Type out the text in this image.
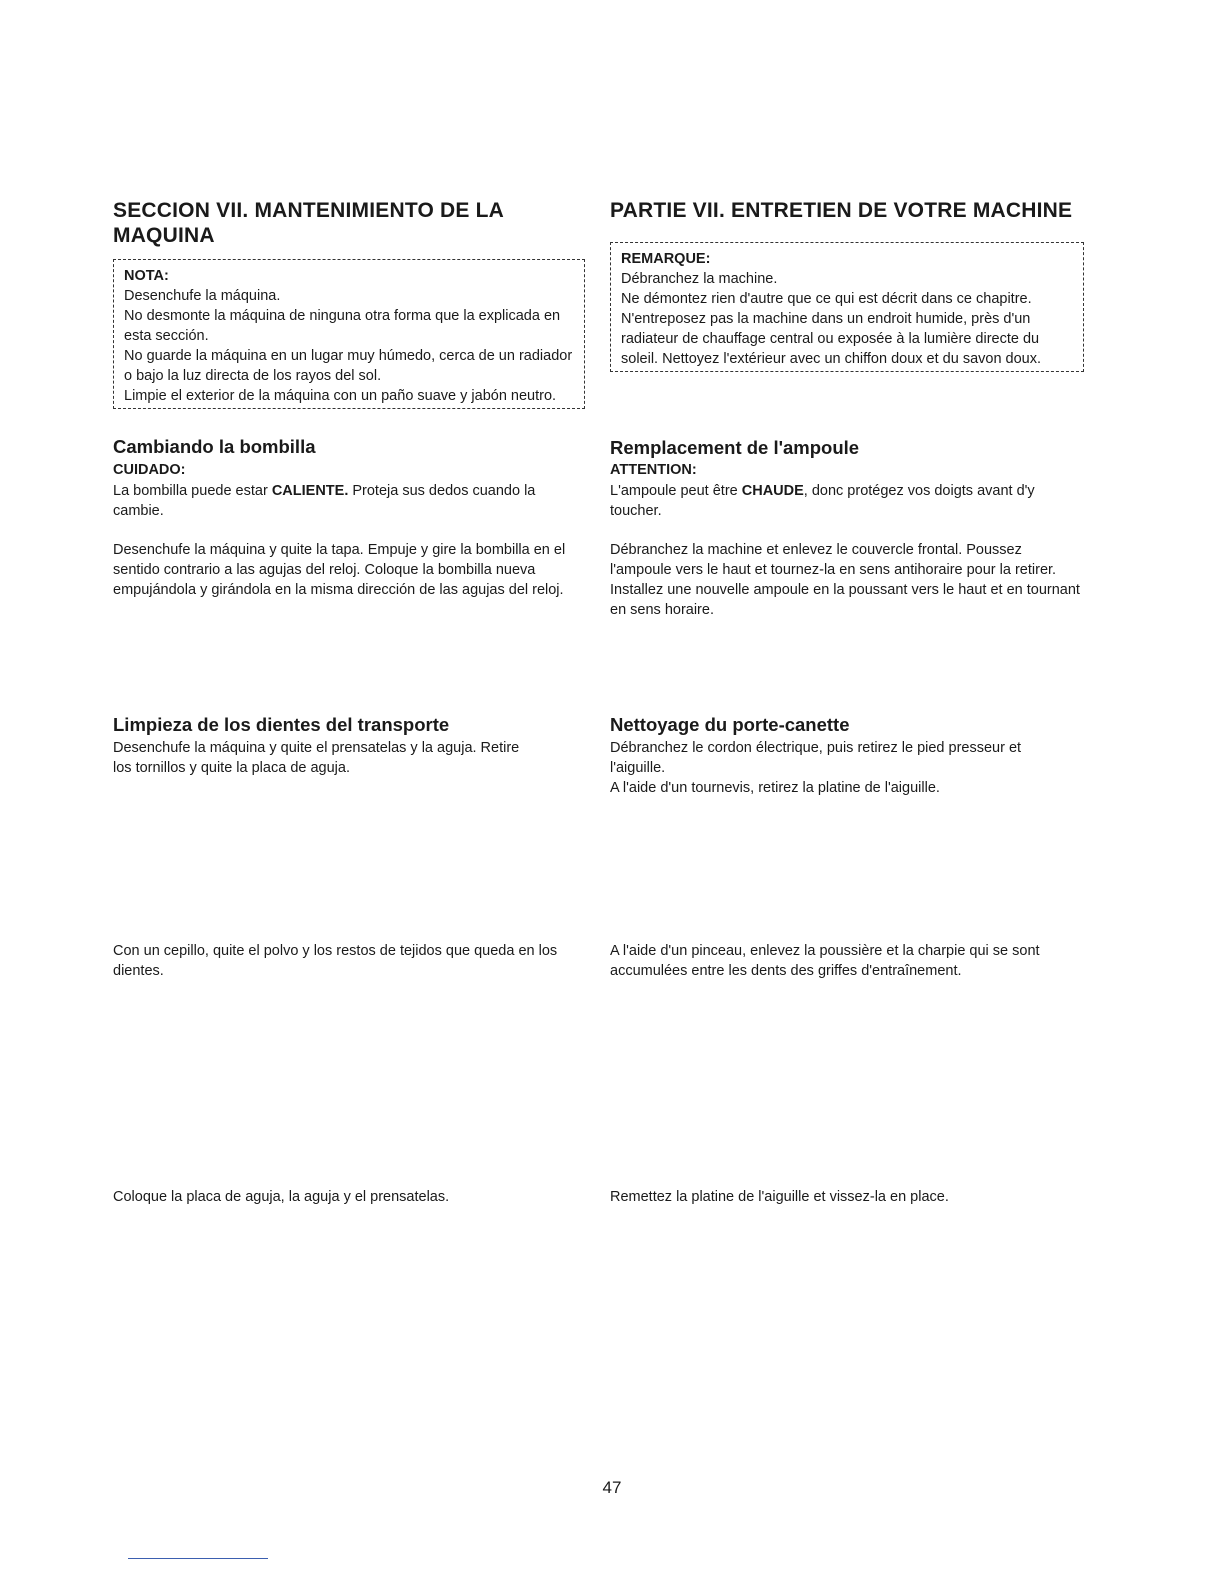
SECCION VII. MANTENIMIENTO DE LA MAQUINA

NOTA:

Desenchufe la máquina.

No desmonte la máquina de ninguna otra forma que la explicada en esta sección.

No guarde la máquina en un lugar muy húmedo, cerca de un radiador o bajo la luz directa de los rayos del sol.

Limpie el exterior de la máquina con un paño suave y jabón neutro.

Cambiando la bombilla

CUIDADO:

La bombilla puede estar CALIENTE. Proteja sus dedos cuando la cambie.

Desenchufe la máquina y quite la tapa. Empuje y gire la bombilla en el sentido contrario a las agujas del reloj. Coloque la bombilla nueva empujándola y girándola en la misma dirección de las agujas del reloj.

Limpieza de los dientes del transporte

Desenchufe la máquina y quite el prensatelas y la aguja. Retire los tornillos y quite la placa de aguja.

Con un cepillo, quite el polvo y los restos de tejidos que queda en los dientes.

Coloque la placa de aguja, la aguja y el prensatelas.

PARTIE VII. ENTRETIEN DE VOTRE MACHINE

REMARQUE:

Débranchez la machine.

Ne démontez rien d'autre que ce qui est décrit dans ce chapitre.

N'entreposez pas la machine dans un endroit humide, près d'un radiateur de chauffage central ou exposée à la lumière directe du soleil. Nettoyez l'extérieur avec un chiffon doux et du savon doux.

Remplacement de l'ampoule

ATTENTION:

L'ampoule peut être CHAUDE, donc protégez vos doigts avant d'y toucher.

Débranchez la machine et enlevez le couvercle frontal. Poussez l'ampoule vers le haut et tournez-la en sens antihoraire pour la retirer. Installez une nouvelle ampoule en la poussant vers le haut et en tournant en sens horaire.

Nettoyage du porte-canette

Débranchez le cordon électrique, puis retirez le pied presseur et l'aiguille.

A l'aide d'un tournevis, retirez la platine de l'aiguille.

A l'aide d'un pinceau, enlevez la poussière et la charpie qui se sont accumulées entre les dents des griffes d'entraînement.

Remettez la platine de l'aiguille et vissez-la en place.

47
